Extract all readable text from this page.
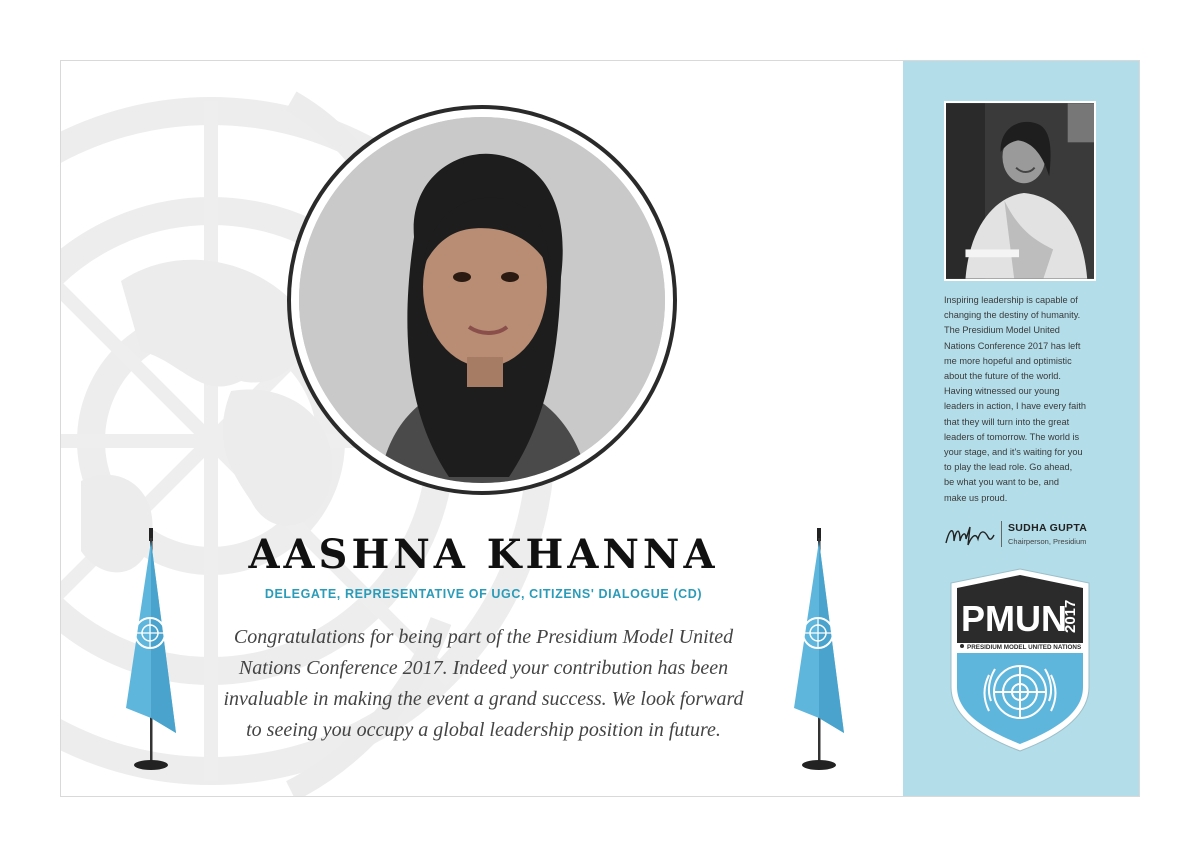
AASHNA KHANNA
DELEGATE, REPRESENTATIVE OF UGC, CITIZENS' DIALOGUE (CD)
Congratulations for being part of the Presidium Model United
Nations Conference 2017. Indeed your contribution has been
invaluable in making the event a grand success. We look forward
to seeing you occupy a global leadership position in future.
Inspiring leadership is capable of
changing the destiny of humanity.
The Presidium Model United
Nations Conference 2017 has left
me more hopeful and optimistic
about the future of the world.
Having witnessed our young
leaders in action, I have every faith
that they will turn into the great
leaders of tomorrow. The world is
your stage, and it's waiting for you
to play the lead role. Go ahead,
be what you want to be, and
make us proud.
SUDHA GUPTA
Chairperson, Presidium
PMUN
2017
PRESIDIUM MODEL UNITED NATIONS
